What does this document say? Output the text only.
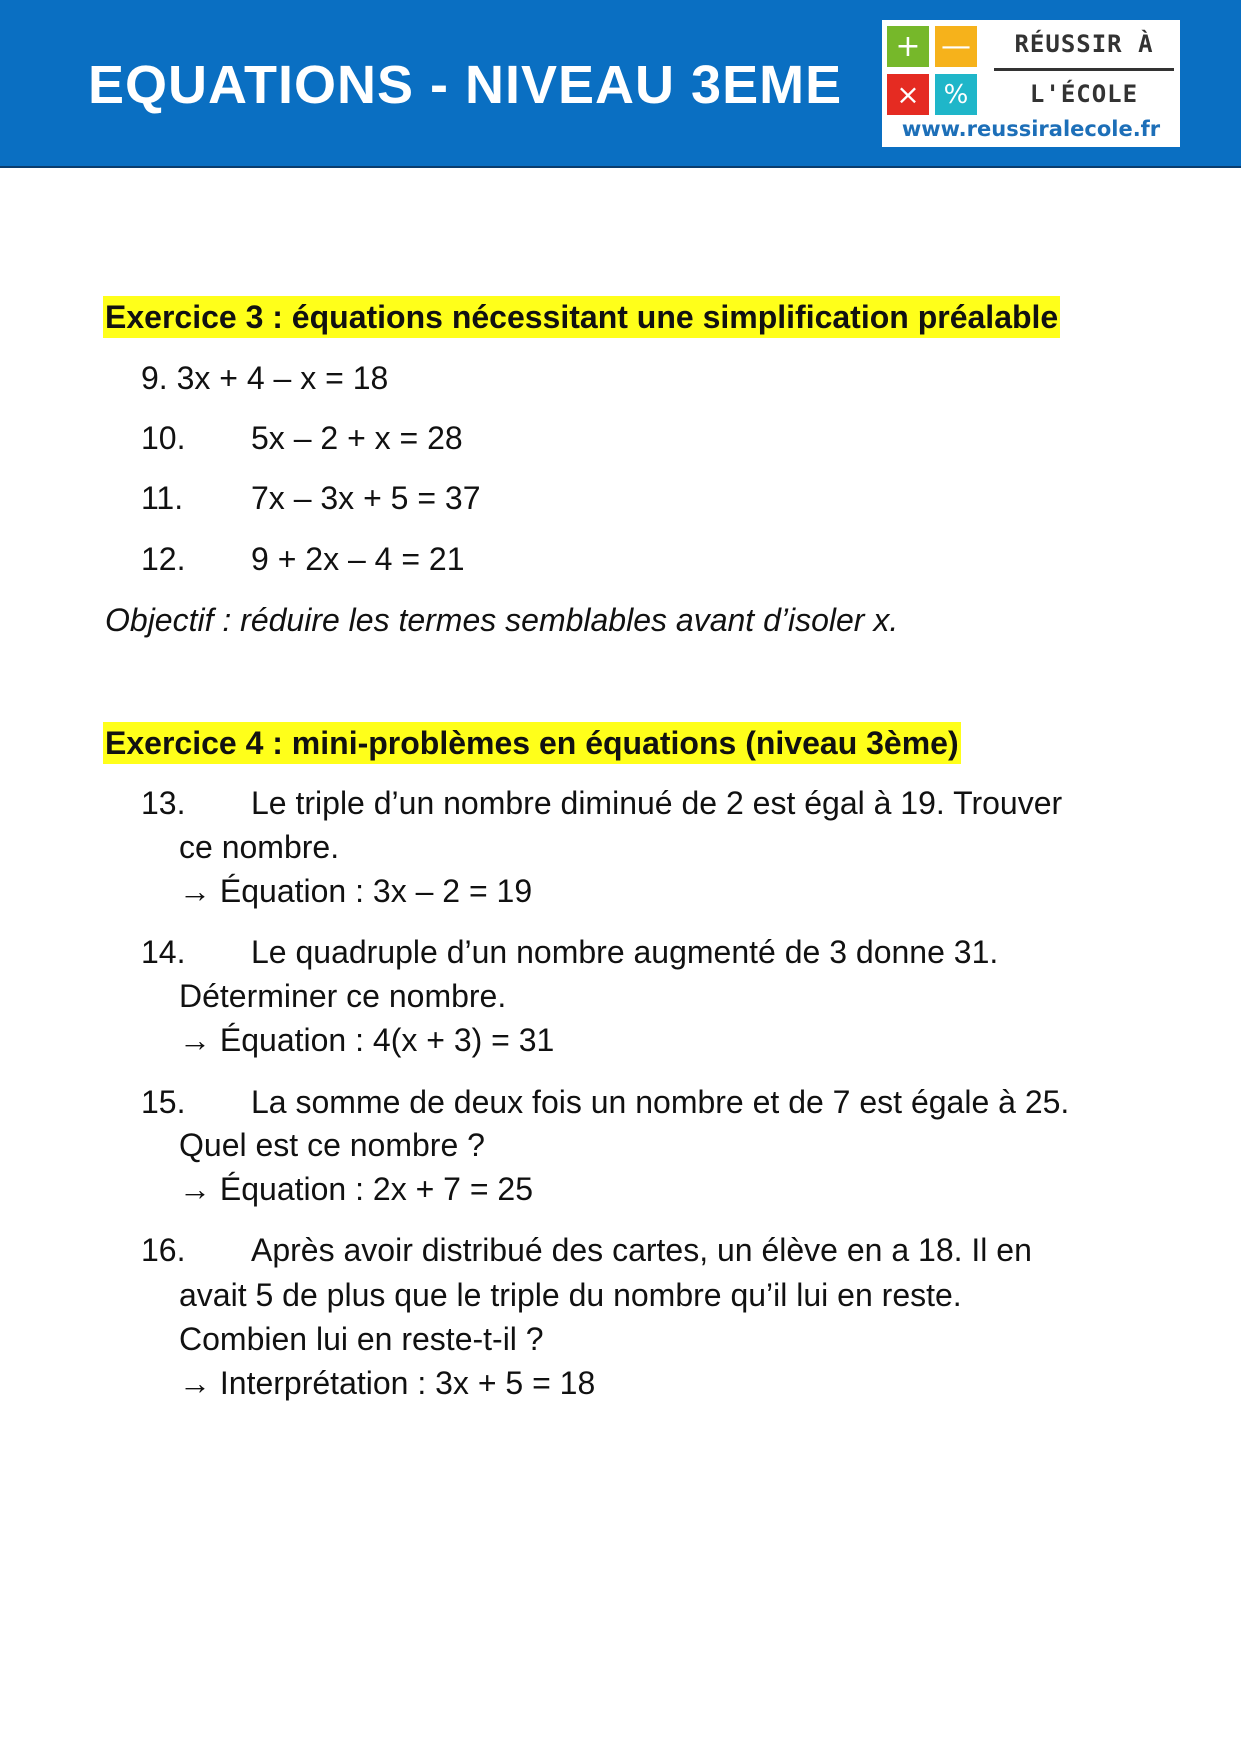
EQUATIONS - NIVEAU 3EME
+ —
× %
RÉUSSIR À
L'ÉCOLE
www.reussiralecole.fr
Exercice 3 : équations nécessitant une simplification préalable
9. 3x + 4 – x = 18
10. 5x – 2 + x = 28
11. 7x – 3x + 5 = 37
12. 9 + 2x – 4 = 21
Objectif : réduire les termes semblables avant d’isoler x.
Exercice 4 : mini-problèmes en équations (niveau 3ème)
13. Le triple d’un nombre diminué de 2 est égal à 19. Trouver
ce nombre.
→ Équation : 3x – 2 = 19
14. Le quadruple d’un nombre augmenté de 3 donne 31.
Déterminer ce nombre.
→ Équation : 4(x + 3) = 31
15. La somme de deux fois un nombre et de 7 est égale à 25.
Quel est ce nombre ?
→ Équation : 2x + 7 = 25
16. Après avoir distribué des cartes, un élève en a 18. Il en
avait 5 de plus que le triple du nombre qu’il lui en reste.
Combien lui en reste-t-il ?
→ Interprétation : 3x + 5 = 18
